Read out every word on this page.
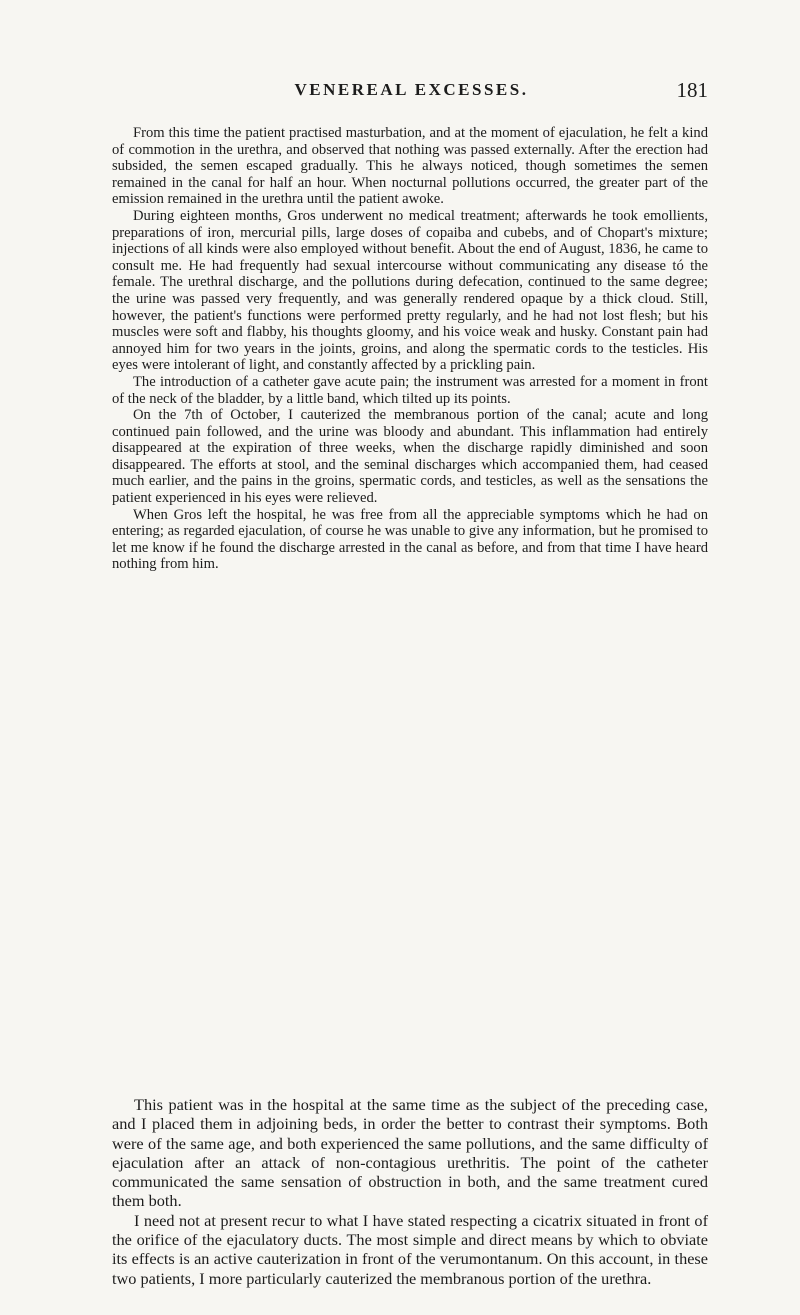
VENEREAL EXCESSES.	181

From this time the patient practised masturbation, and at the moment of ejaculation, he felt a kind of commotion in the urethra, and observed that nothing was passed externally. After the erection had subsided, the semen escaped gradually. This he always noticed, though sometimes the semen remained in the canal for half an hour. When nocturnal pollutions occurred, the greater part of the emission remained in the urethra until the patient awoke.

During eighteen months, Gros underwent no medical treatment; afterwards he took emollients, preparations of iron, mercurial pills, large doses of copaiba and cubebs, and of Chopart's mixture; injections of all kinds were also employed without benefit. About the end of August, 1836, he came to consult me. He had frequently had sexual intercourse without communicating any disease tó the female. The urethral discharge, and the pollutions during defecation, continued to the same degree; the urine was passed very frequently, and was generally rendered opaque by a thick cloud. Still, however, the patient's functions were performed pretty regularly, and he had not lost flesh; but his muscles were soft and flabby, his thoughts gloomy, and his voice weak and husky. Constant pain had annoyed him for two years in the joints, groins, and along the spermatic cords to the testicles. His eyes were intolerant of light, and constantly affected by a prickling pain.

The introduction of a catheter gave acute pain; the instrument was arrested for a moment in front of the neck of the bladder, by a little band, which tilted up its points.

On the 7th of October, I cauterized the membranous portion of the canal; acute and long continued pain followed, and the urine was bloody and abundant. This inflammation had entirely disappeared at the expiration of three weeks, when the discharge rapidly diminished and soon disappeared. The efforts at stool, and the seminal discharges which accompanied them, had ceased much earlier, and the pains in the groins, spermatic cords, and testicles, as well as the sensations the patient experienced in his eyes were relieved.

When Gros left the hospital, he was free from all the appreciable symptoms which he had on entering; as regarded ejaculation, of course he was unable to give any information, but he promised to let me know if he found the discharge arrested in the canal as before, and from that time I have heard nothing from him.

This patient was in the hospital at the same time as the subject of the preceding case, and I placed them in adjoining beds, in order the better to contrast their symptoms. Both were of the same age, and both experienced the same pollutions, and the same difficulty of ejaculation after an attack of non-contagious urethritis. The point of the catheter communicated the same sensation of obstruction in both, and the same treatment cured them both.

I need not at present recur to what I have stated respecting a cicatrix situated in front of the orifice of the ejaculatory ducts. The most simple and direct means by which to obviate its effects is an active cauterization in front of the verumontanum. On this account, in these two patients, I more particularly cauterized the membranous portion of the urethra.
